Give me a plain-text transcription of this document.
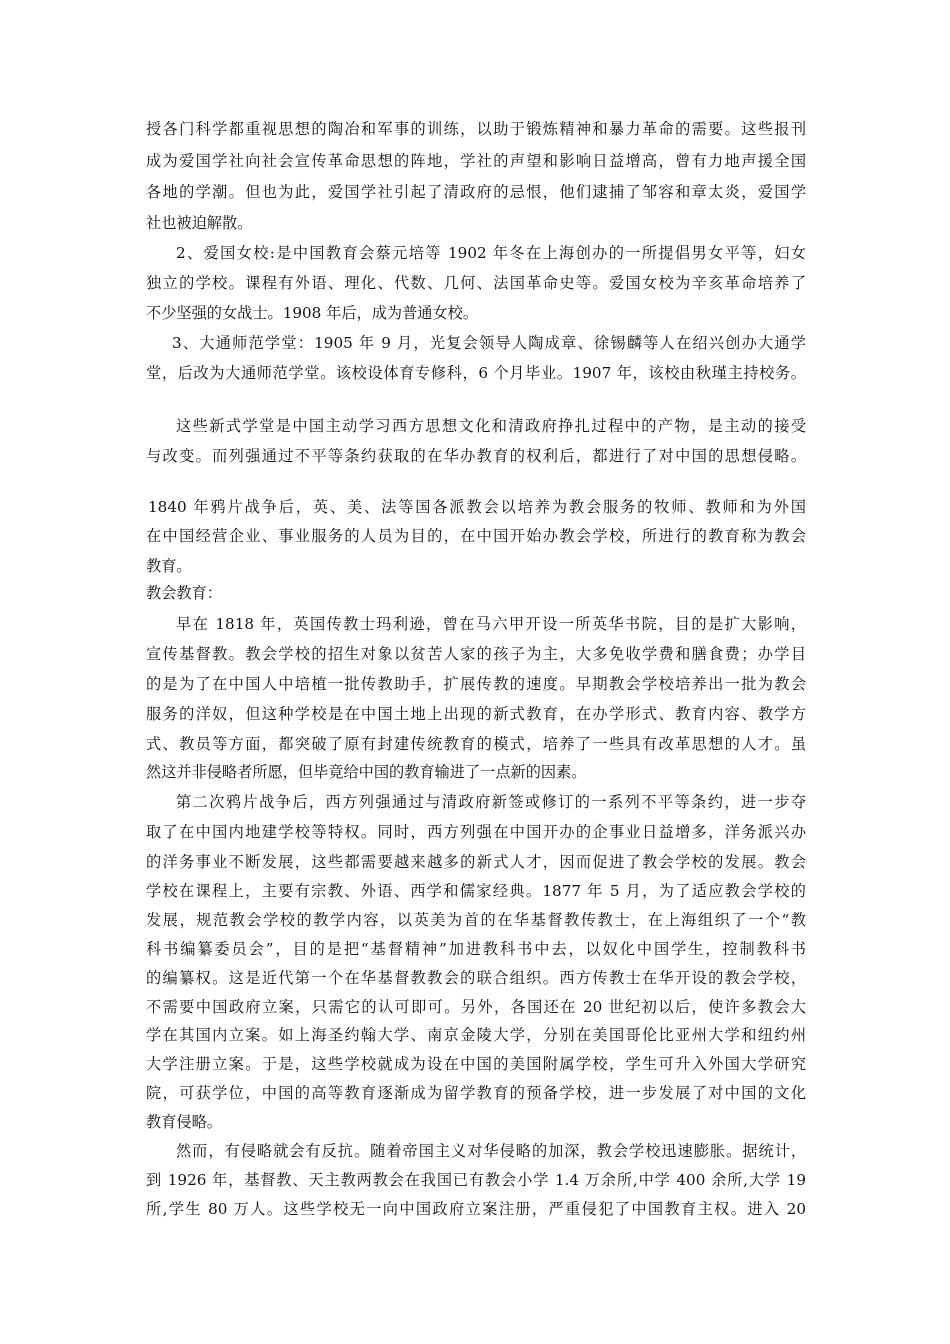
授各门科学都重视思想的陶冶和军事的训练，以助于锻炼精神和暴力革命的需要。这些报刊
成为爱国学社向社会宣传革命思想的阵地，学社的声望和影响日益增高，曾有力地声援全国
各地的学潮。但也为此，爱国学社引起了清政府的忌恨，他们逮捕了邹容和章太炎，爱国学
社也被迫解散。
2、爱国女校:是中国教育会蔡元培等 1902 年冬在上海创办的一所提倡男女平等，妇女
独立的学校。课程有外语、理化、代数、几何、法国革命史等。爱国女校为辛亥革命培养了
不少坚强的女战士。1908 年后，成为普通女校。
3、大通师范学堂：1905 年 9 月，光复会领导人陶成章、徐锡麟等人在绍兴创办大通学
堂，后改为大通师范学堂。该校设体育专修科，6 个月毕业。1907 年，该校由秋瑾主持校务。
这些新式学堂是中国主动学习西方思想文化和清政府挣扎过程中的产物，是主动的接受
与改变。而列强通过不平等条约获取的在华办教育的权利后，都进行了对中国的思想侵略。
1840 年鸦片战争后，英、美、法等国各派教会以培养为教会服务的牧师、教师和为外国
在中国经营企业、事业服务的人员为目的，在中国开始办教会学校，所进行的教育称为教会
教育。
教会教育：
早在 1818 年，英国传教士玛利逊，曾在马六甲开设一所英华书院，目的是扩大影响，
宣传基督教。教会学校的招生对象以贫苦人家的孩子为主，大多免收学费和膳食费；办学目
的是为了在中国人中培植一批传教助手，扩展传教的速度。早期教会学校培养出一批为教会
服务的洋奴，但这种学校是在中国土地上出现的新式教育，在办学形式、教育内容、教学方
式、教员等方面，都突破了原有封建传统教育的模式，培养了一些具有改革思想的人才。虽
然这并非侵略者所愿，但毕竟给中国的教育输进了一点新的因素。
第二次鸦片战争后，西方列强通过与清政府新签或修订的一系列不平等条约，进一步夺
取了在中国内地建学校等特权。同时，西方列强在中国开办的企事业日益增多，洋务派兴办
的洋务事业不断发展，这些都需要越来越多的新式人才，因而促进了教会学校的发展。教会
学校在课程上，主要有宗教、外语、西学和儒家经典。1877 年 5 月，为了适应教会学校的
发展，规范教会学校的教学内容，以英美为首的在华基督教传教士，在上海组织了一个“教
科书编纂委员会”，目的是把“基督精神”加进教科书中去，以奴化中国学生，控制教科书
的编纂权。这是近代第一个在华基督教教会的联合组织。西方传教士在华开设的教会学校，
不需要中国政府立案，只需它的认可即可。另外，各国还在 20 世纪初以后，使许多教会大
学在其国内立案。如上海圣约翰大学、南京金陵大学，分别在美国哥伦比亚州大学和纽约州
大学注册立案。于是，这些学校就成为设在中国的美国附属学校，学生可升入外国大学研究
院，可获学位，中国的高等教育逐渐成为留学教育的预备学校，进一步发展了对中国的文化
教育侵略。
然而，有侵略就会有反抗。随着帝国主义对华侵略的加深，教会学校迅速膨胀。据统计，
到 1926 年，基督教、天主教两教会在我国已有教会小学 1.4 万余所,中学 400 余所,大学 19
所,学生 80 万人。这些学校无一向中国政府立案注册，严重侵犯了中国教育主权。进入 20
